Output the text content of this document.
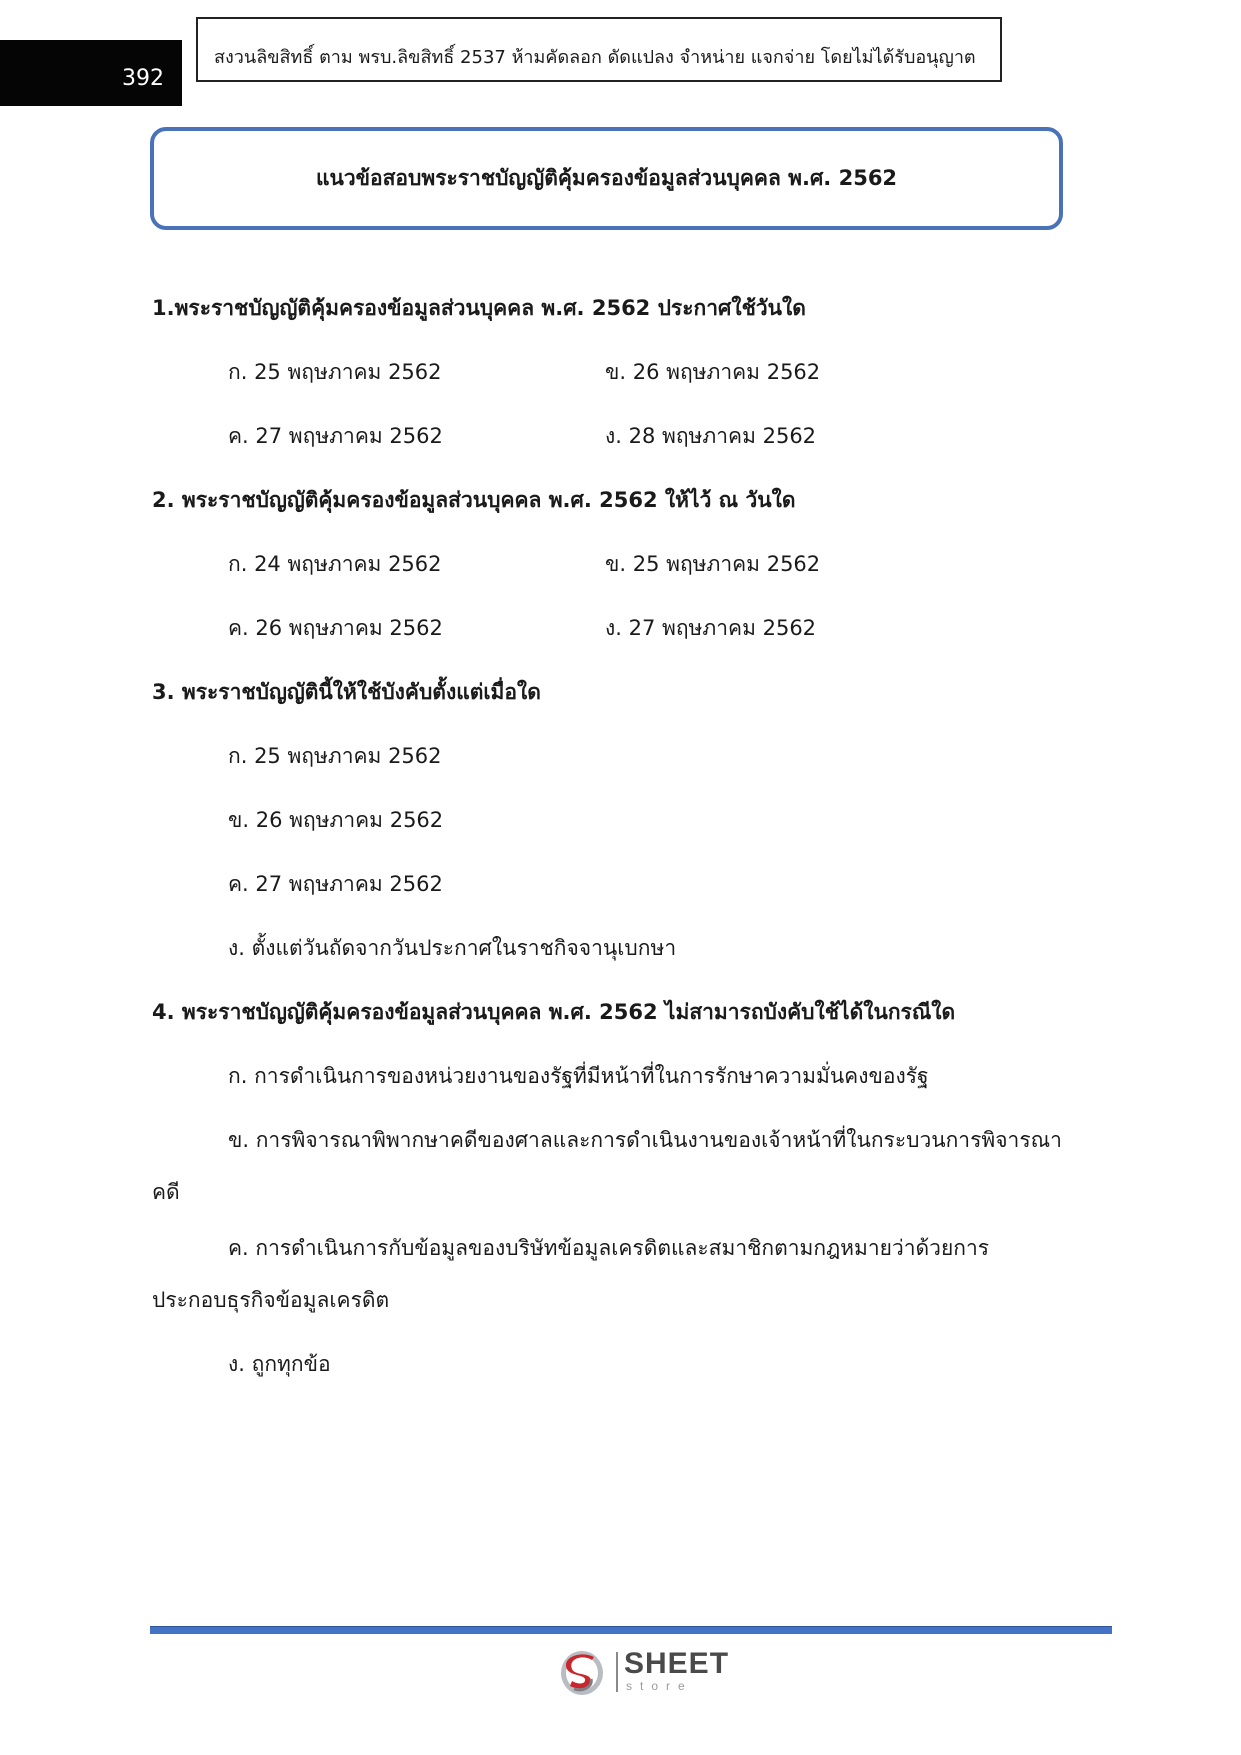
392
สงวนลิขสิทธิ์ ตาม พรบ.ลิขสิทธิ์ 2537 ห้ามคัดลอก ดัดแปลง จำหน่าย แจกจ่าย โดยไม่ได้รับอนุญาต
แนวข้อสอบพระราชบัญญัติคุ้มครองข้อมูลส่วนบุคคล พ.ศ. 2562
1.พระราชบัญญัติคุ้มครองข้อมูลส่วนบุคคล พ.ศ. 2562 ประกาศใช้วันใด
ก. 25 พฤษภาคม 2562	ข. 26 พฤษภาคม 2562
ค. 27 พฤษภาคม 2562	ง. 28 พฤษภาคม 2562
2. พระราชบัญญัติคุ้มครองข้อมูลส่วนบุคคล พ.ศ. 2562 ให้ไว้ ณ วันใด
ก. 24 พฤษภาคม 2562	ข. 25 พฤษภาคม 2562
ค. 26 พฤษภาคม 2562	ง. 27 พฤษภาคม 2562
3. พระราชบัญญัตินี้ให้ใช้บังคับตั้งแต่เมื่อใด
ก. 25 พฤษภาคม 2562
ข. 26 พฤษภาคม 2562
ค. 27 พฤษภาคม 2562
ง. ตั้งแต่วันถัดจากวันประกาศในราชกิจจานุเบกษา
4. พระราชบัญญัติคุ้มครองข้อมูลส่วนบุคคล พ.ศ. 2562 ไม่สามารถบังคับใช้ได้ในกรณีใด
ก. การดำเนินการของหน่วยงานของรัฐที่มีหน้าที่ในการรักษาความมั่นคงของรัฐ
ข. การพิจารณาพิพากษาคดีของศาลและการดำเนินงานของเจ้าหน้าที่ในกระบวนการพิจารณาคดี
ค. การดำเนินการกับข้อมูลของบริษัทข้อมูลเครดิตและสมาชิกตามกฎหมายว่าด้วยการประกอบธุรกิจข้อมูลเครดิต
ง. ถูกทุกข้อ
SHEET
store
